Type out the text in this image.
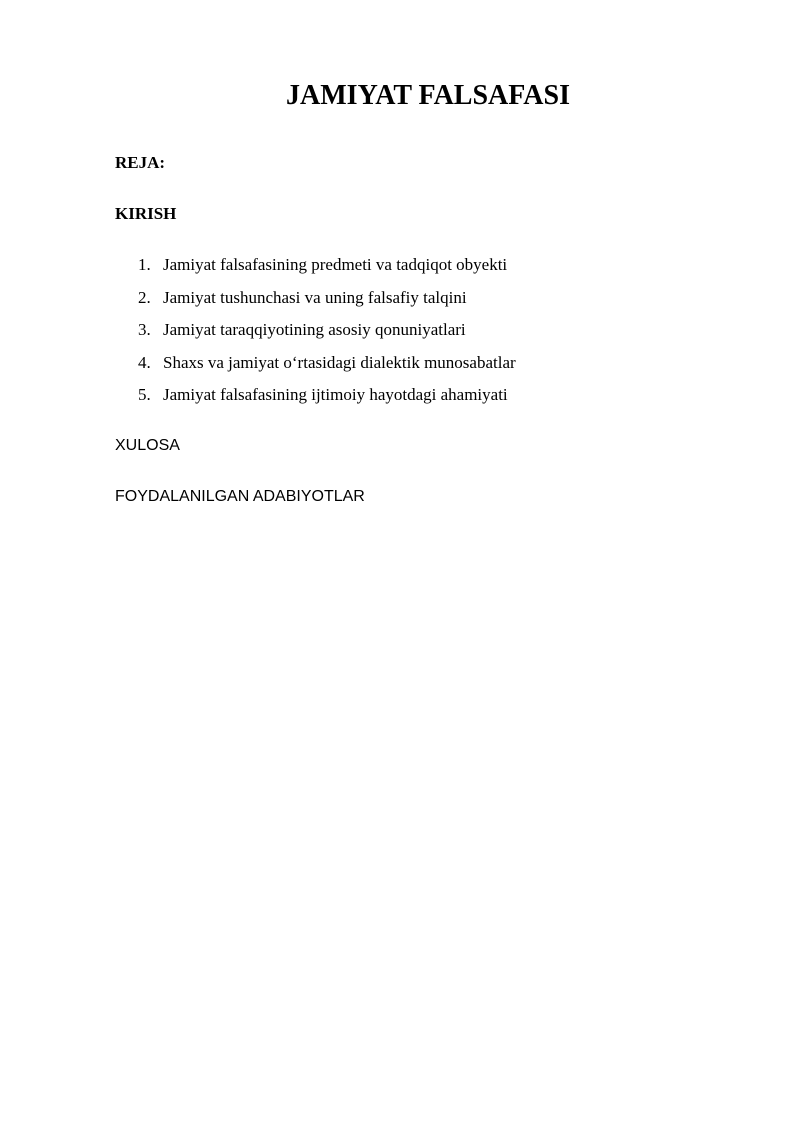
JAMIYAT FALSAFASI

REJA:

KIRISH

1. Jamiyat falsafasining predmeti va tadqiqot obyekti
2. Jamiyat tushunchasi va uning falsafiy talqini
3. Jamiyat taraqqiyotining asosiy qonuniyatlari
4. Shaxs va jamiyat o‘rtasidagi dialektik munosabatlar
5. Jamiyat falsafasining ijtimoiy hayotdagi ahamiyati

XULOSA

FOYDALANILGAN ADABIYOTLAR
